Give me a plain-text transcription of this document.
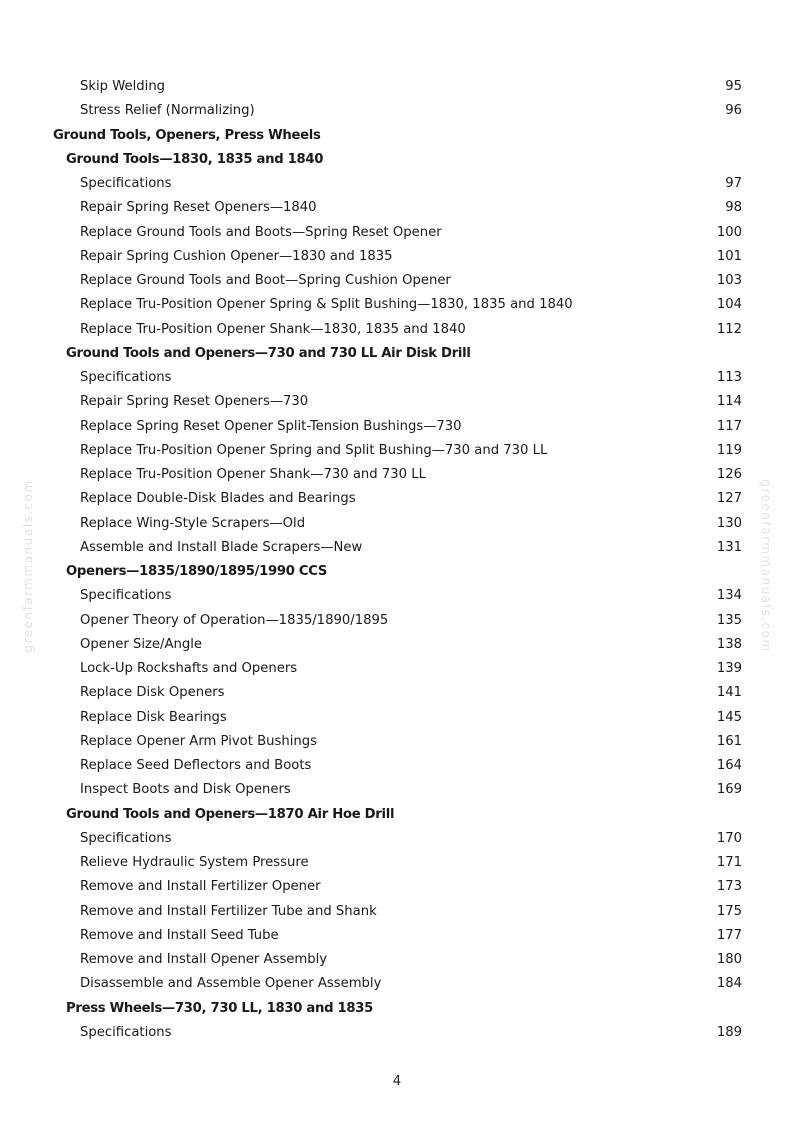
Skip Welding	95
Stress Relief (Normalizing)	96
Ground Tools, Openers, Press Wheels
Ground Tools—1830, 1835 and 1840
Specifications	97
Repair Spring Reset Openers—1840	98
Replace Ground Tools and Boots—Spring Reset Opener	100
Repair Spring Cushion Opener—1830 and 1835	101
Replace Ground Tools and Boot—Spring Cushion Opener	103
Replace Tru-Position Opener Spring & Split Bushing—1830, 1835 and 1840	104
Replace Tru-Position Opener Shank—1830, 1835 and 1840	112
Ground Tools and Openers—730 and 730 LL Air Disk Drill
Specifications	113
Repair Spring Reset Openers—730	114
Replace Spring Reset Opener Split-Tension Bushings—730	117
Replace Tru-Position Opener Spring and Split Bushing—730 and 730 LL	119
Replace Tru-Position Opener Shank—730 and 730 LL	126
Replace Double-Disk Blades and Bearings	127
Replace Wing-Style Scrapers—Old	130
Assemble and Install Blade Scrapers—New	131
Openers—1835/1890/1895/1990 CCS
Specifications	134
Opener Theory of Operation—1835/1890/1895	135
Opener Size/Angle	138
Lock-Up Rockshafts and Openers	139
Replace Disk Openers	141
Replace Disk Bearings	145
Replace Opener Arm Pivot Bushings	161
Replace Seed Deflectors and Boots	164
Inspect Boots and Disk Openers	169
Ground Tools and Openers—1870 Air Hoe Drill
Specifications	170
Relieve Hydraulic System Pressure	171
Remove and Install Fertilizer Opener	173
Remove and Install Fertilizer Tube and Shank	175
Remove and Install Seed Tube	177
Remove and Install Opener Assembly	180
Disassemble and Assemble Opener Assembly	184
Press Wheels—730, 730 LL, 1830 and 1835
Specifications	189
greenfarmmanuals.com	greenfarmmanuals.com
4
